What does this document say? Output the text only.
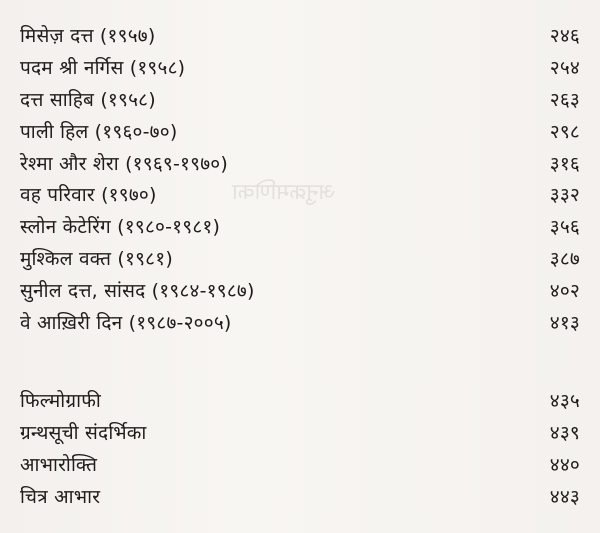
अनुक्रमणिका
मिसेज़ दत्त (१९५७)	२४६
पदम श्री नर्गिस (१९५८)	२५४
दत्त साहिब (१९५८)	२६३
पाली हिल (१९६०-७०)	२९८
रेश्मा और शेरा (१९६९-१९७०)	३१६
वह परिवार (१९७०)	३३२
स्लोन केटेरिंग (१९८०-१९८१)	३५६
मुश्किल वक्त (१९८१)	३८७
सुनील दत्त, सांसद (१९८४-१९८७)	४०२
वे आख़िरी दिन (१९८७-२००५)	४१३
फिल्मोग्राफी	४३५
ग्रन्थसूची संदर्भिका	४३९
आभारोक्ति	४४०
चित्र आभार	४४३
